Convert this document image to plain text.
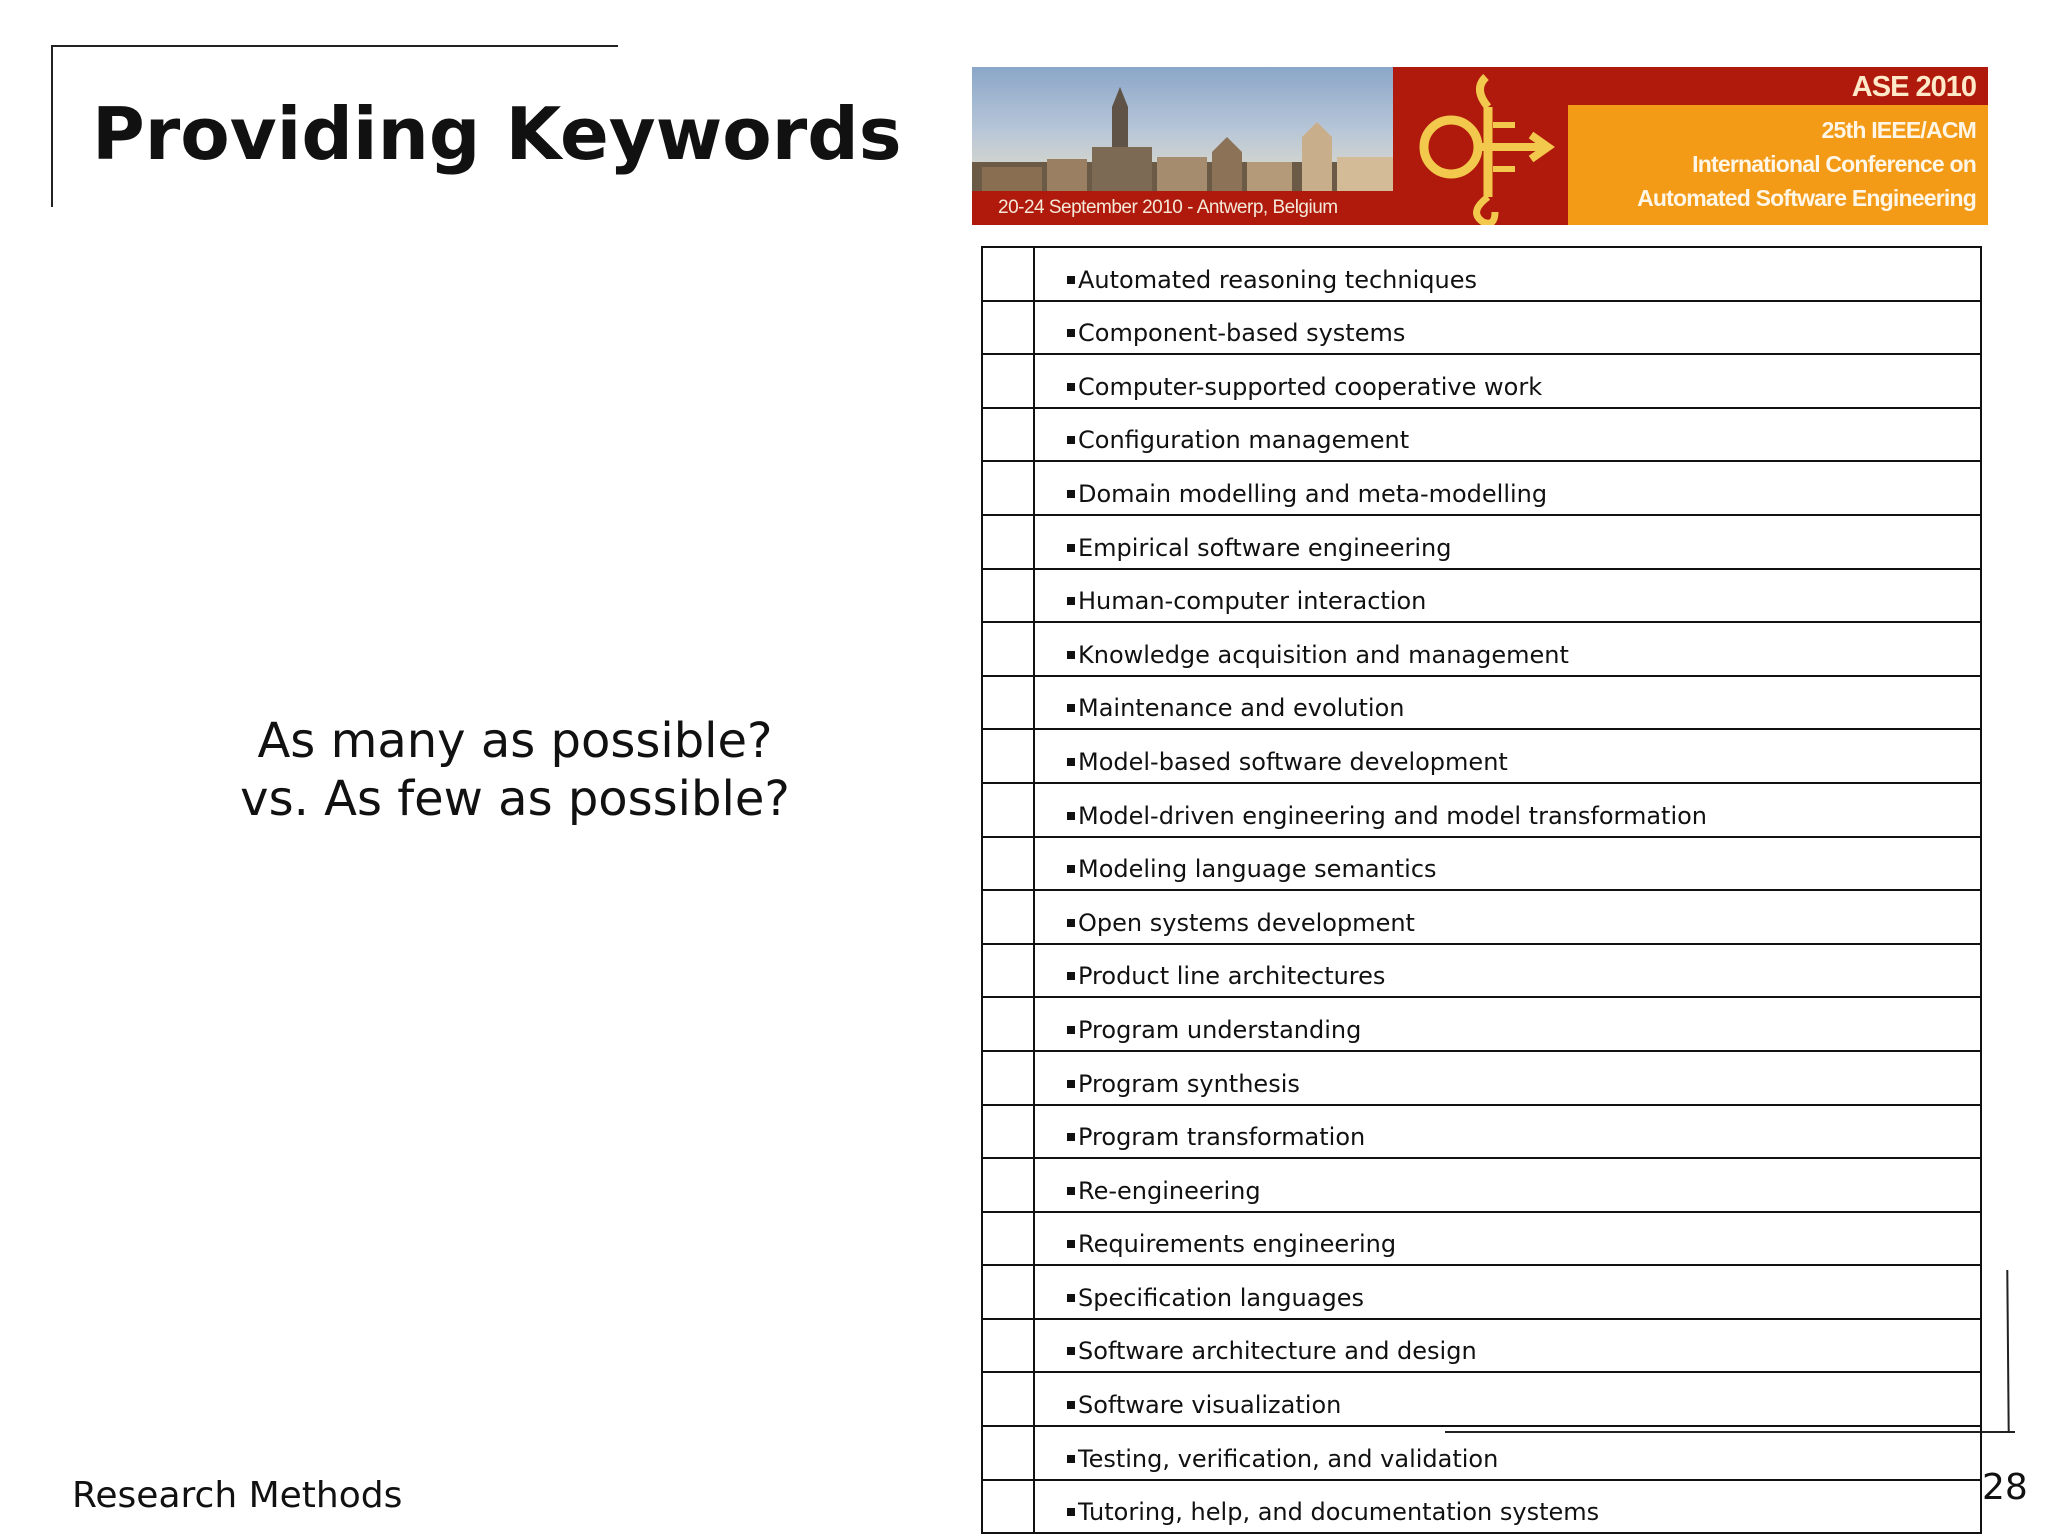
Providing Keywords
As many as possible?
vs. As few as possible?
20-24 September 2010 - Antwerp, Belgium
ASE 2010
25th IEEE/ACM
International Conference on
Automated Software Engineering
	Automated reasoning techniques
	Component-based systems
	Computer-supported cooperative work
	Configuration management
	Domain modelling and meta-modelling
	Empirical software engineering
	Human-computer interaction
	Knowledge acquisition and management
	Maintenance and evolution
	Model-based software development
	Model-driven engineering and model transformation
	Modeling language semantics
	Open systems development
	Product line architectures
	Program understanding
	Program synthesis
	Program transformation
	Re-engineering
	Requirements engineering
	Specification languages
	Software architecture and design
	Software visualization
	Testing, verification, and validation
	Tutoring, help, and documentation systems
Research Methods	28
